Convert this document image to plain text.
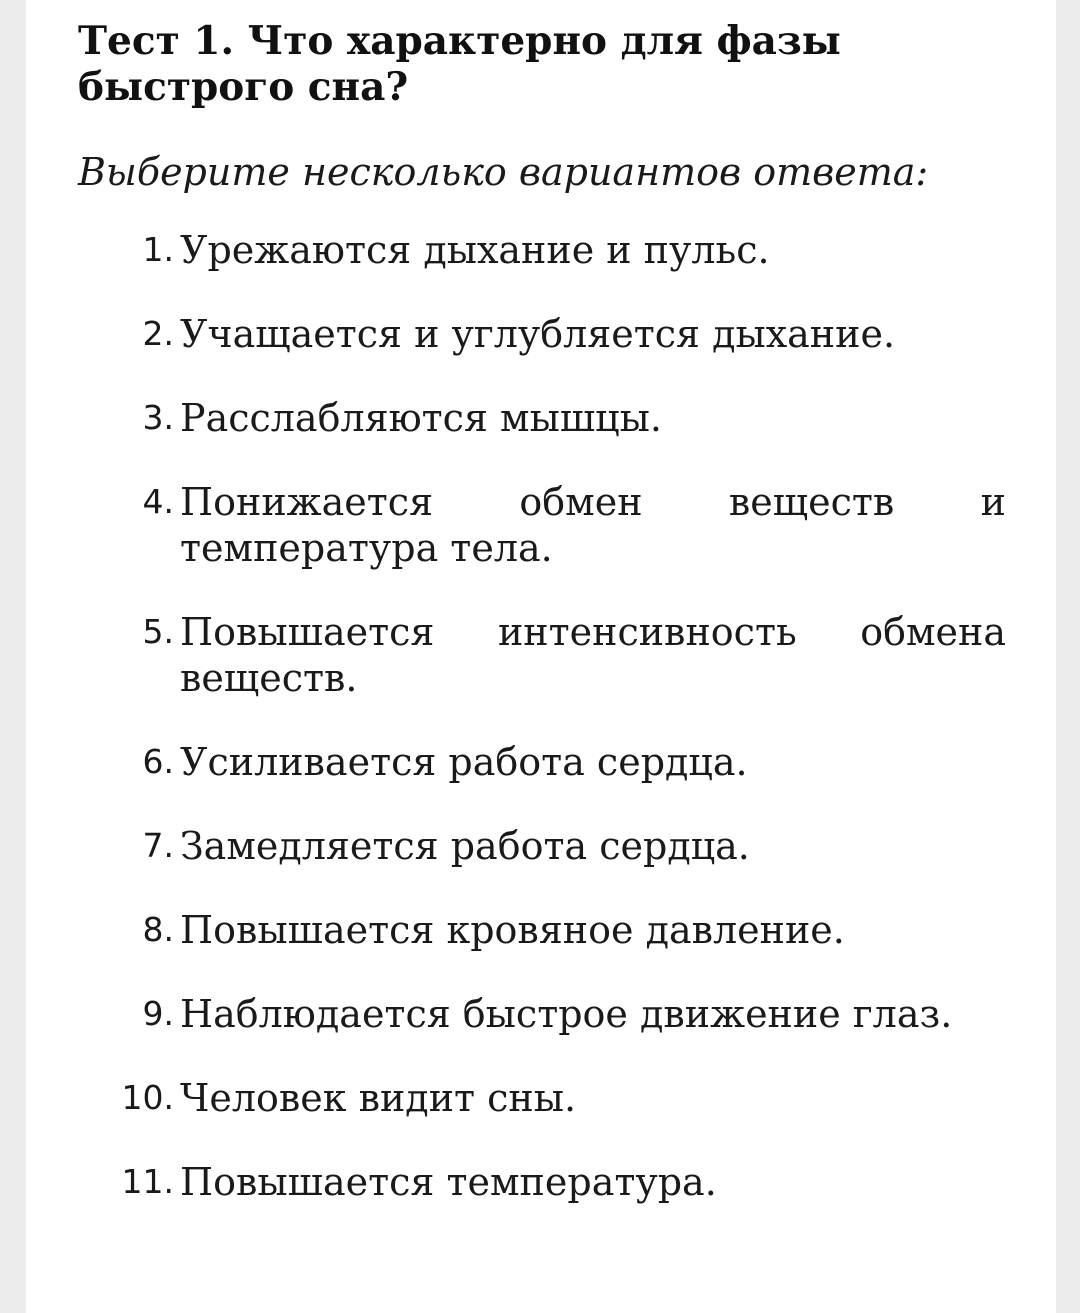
Тест 1. Что характерно для фазы быстрого сна?

Выберите несколько вариантов ответа:

1. Урежаются дыхание и пульс.
2. Учащается и углубляется дыхание.
3. Расслабляются мышцы.
4. Понижается обмен веществ и температура тела.
5. Повышается интенсивность обмена веществ.
6. Усиливается работа сердца.
7. Замедляется работа сердца.
8. Повышается кровяное давление.
9. Наблюдается быстрое движение глаз.
10. Человек видит сны.
11. Повышается температура.
